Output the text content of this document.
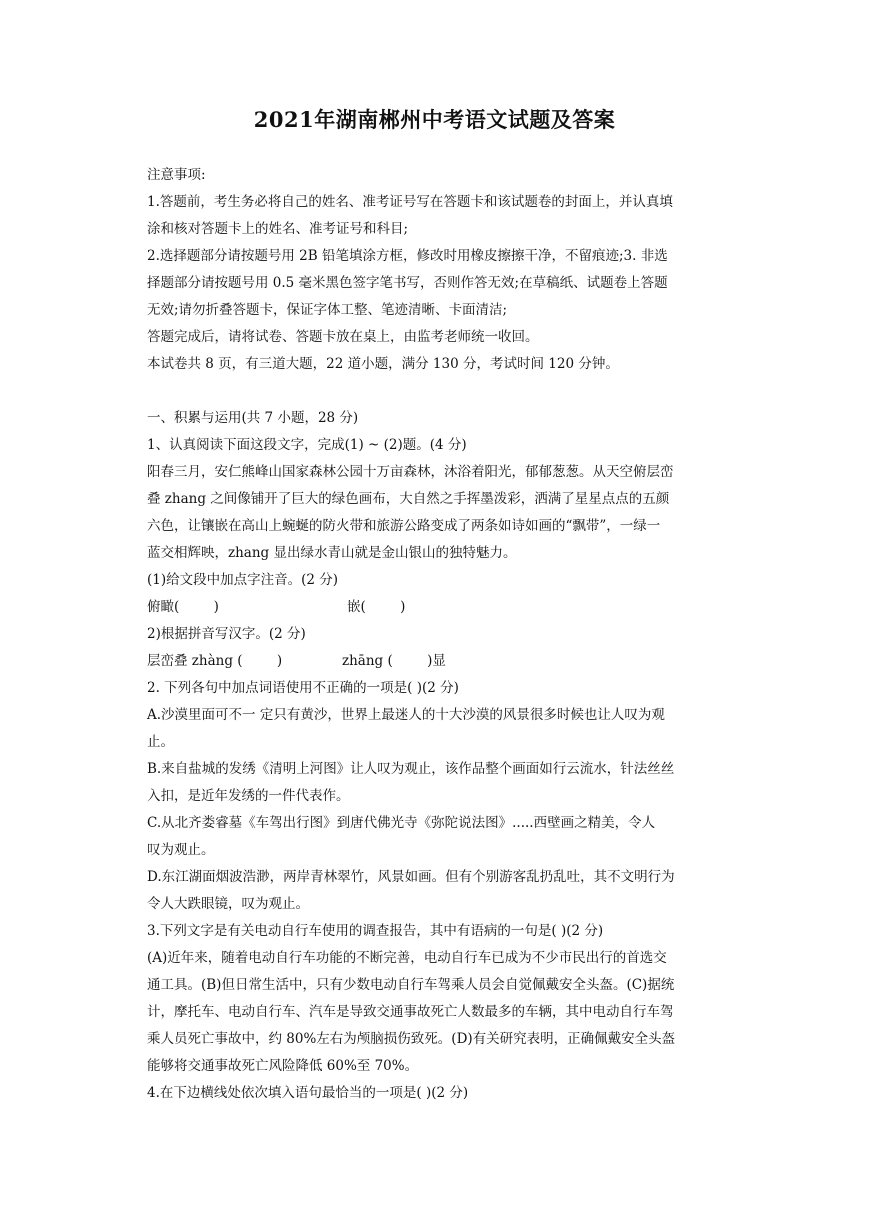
2021年湖南郴州中考语文试题及答案
注意事项:
1.答题前，考生务必将自己的姓名、准考证号写在答题卡和该试题卷的封面上，并认真填
涂和核对答题卡上的姓名、准考证号和科目;
2.选择题部分请按题号用 2B 铅笔填涂方框，修改时用橡皮擦擦干净，不留痕迹;3. 非选
择题部分请按题号用 0.5 毫米黑色签字笔书写，否则作答无效;在草稿纸、试题卷上答题
无效;请勿折叠答题卡，保证字体工整、笔迹清晰、卡面清洁;
答题完成后，请将试卷、答题卡放在桌上，由监考老师统一收回。
本试卷共 8 页，有三道大题，22 道小题，满分 130 分，考试时间 120 分钟。
一、积累与运用(共 7 小题，28 分)
1、认真阅读下面这段文字，完成(1) ~ (2)题。(4 分)
阳春三月，安仁熊峰山国家森林公园十万亩森林，沐浴着阳光，郁郁葱葱。从天空俯层峦
叠 zhang 之间像铺开了巨大的绿色画布，大自然之手挥墨泼彩，洒满了星星点点的五颜
六色，让镶嵌在高山上蜿蜒的防火带和旅游公路变成了两条如诗如画的“飘带”，一绿一
蓝交相辉映，zhang 显出绿水青山就是金山银山的独特魅力。
(1)给文段中加点字注音。(2 分)
俯瞰(        )	嵌(        )
2)根据拼音写汉字。(2 分)
层峦叠 zhàng (        )	zhāng (        )显
2. 下列各句中加点词语使用不正确的一项是( )(2 分)
A.沙漠里面可不一 定只有黄沙，世界上最迷人的十大沙漠的风景很多时候也让人叹为观
止。
B.来自盐城的发绣《清明上河图》让人叹为观止，该作品整个画面如行云流水，针法丝丝
入扣，是近年发绣的一件代表作。
C.从北齐娄睿墓《车驾出行图》到唐代佛光寺《弥陀说法图》.....西壁画之精美，令人
叹为观止。
D.东江湖面烟波浩渺，两岸青林翠竹，风景如画。但有个别游客乱扔乱吐，其不文明行为
令人大跌眼镜，叹为观止。
3.下列文字是有关电动自行车使用的调查报告，其中有语病的一句是( )(2 分)
(A)近年来，随着电动自行车功能的不断完善，电动自行车已成为不少市民出行的首选交
通工具。(B)但日常生活中，只有少数电动自行车驾乘人员会自觉佩戴安全头盔。(C)据统
计，摩托车、电动自行车、汽车是导致交通事故死亡人数最多的车辆，其中电动自行车驾
乘人员死亡事故中，约 80%左右为颅脑损伤致死。(D)有关研究表明，正确佩戴安全头盔
能够将交通事故死亡风险降低 60%至 70%。
4.在下边横线处依次填入语句最恰当的一项是( )(2 分)
